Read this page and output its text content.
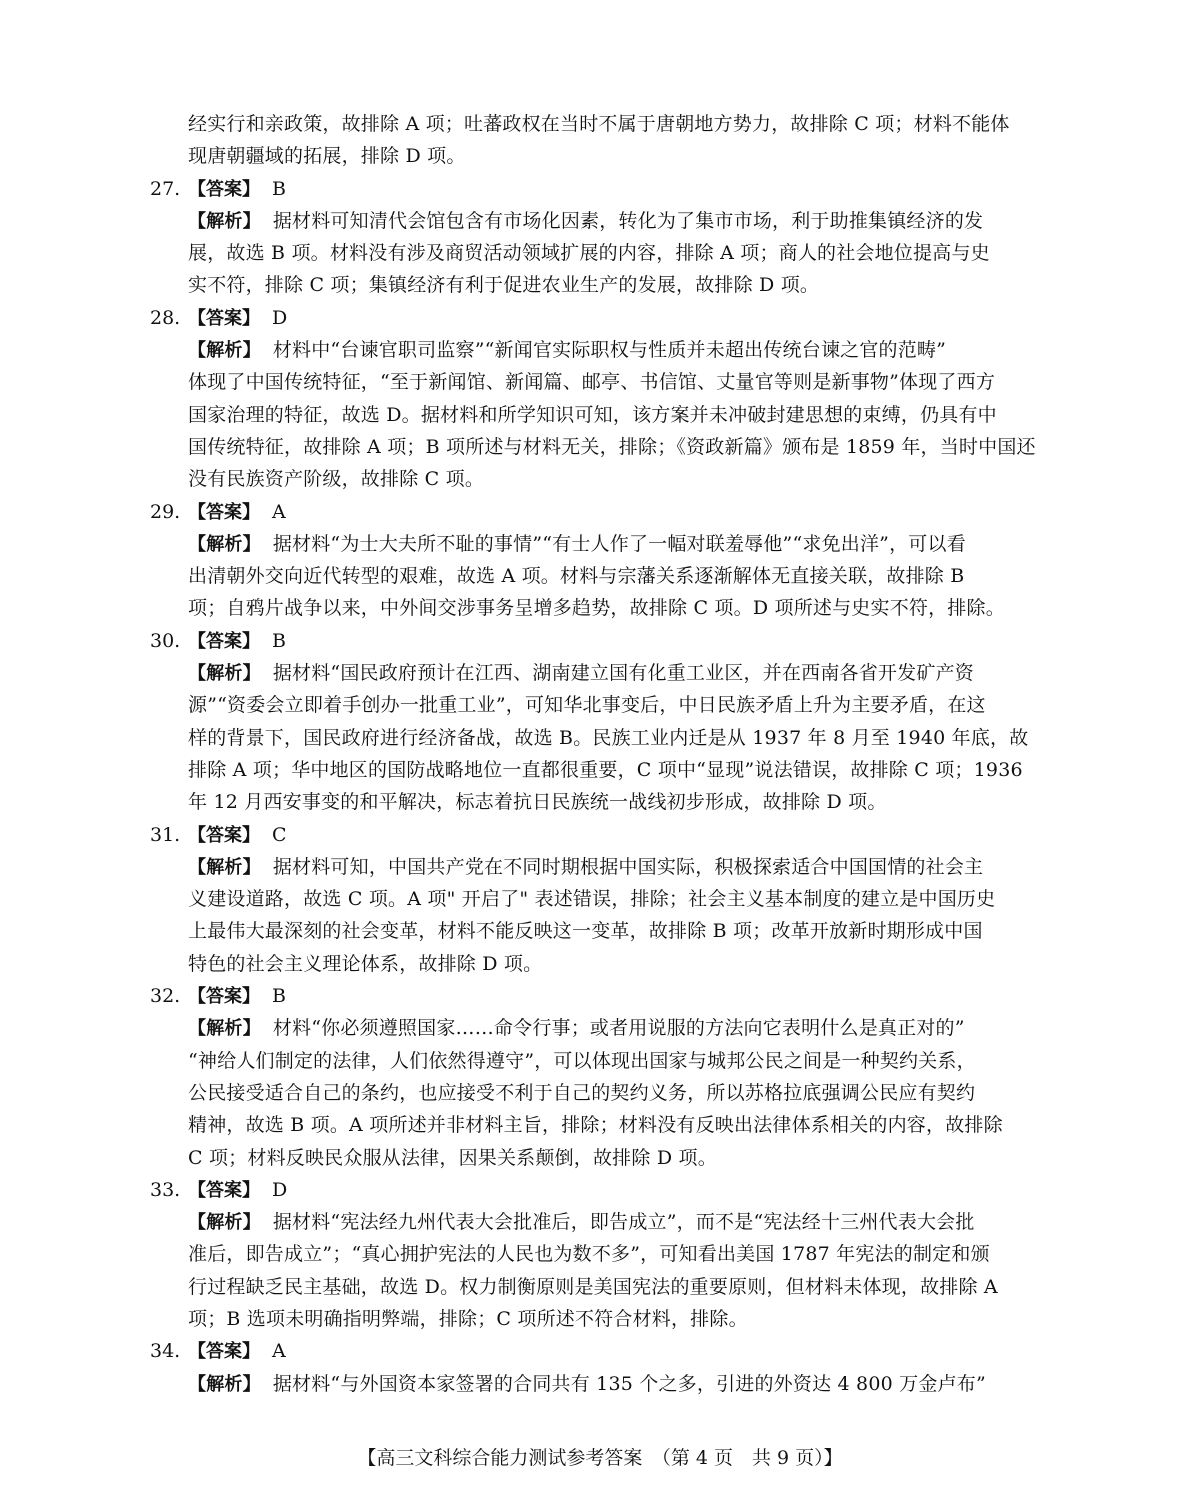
经实行和亲政策，故排除 A 项；吐蕃政权在当时不属于唐朝地方势力，故排除 C 项；材料不能体
现唐朝疆域的拓展，排除 D 项。
27. 【答案】 B
【解析】 据材料可知清代会馆包含有市场化因素，转化为了集市市场，利于助推集镇经济的发
展，故选 B 项。材料没有涉及商贸活动领域扩展的内容，排除 A 项；商人的社会地位提高与史
实不符，排除 C 项；集镇经济有利于促进农业生产的发展，故排除 D 项。
28. 【答案】 D
【解析】 材料中“台谏官职司监察”“新闻官实际职权与性质并未超出传统台谏之官的范畴”
体现了中国传统特征，“至于新闻馆、新闻篇、邮亭、书信馆、丈量官等则是新事物”体现了西方
国家治理的特征，故选 D。据材料和所学知识可知，该方案并未冲破封建思想的束缚，仍具有中
国传统特征，故排除 A 项；B 项所述与材料无关，排除；《资政新篇》颁布是 1859 年，当时中国还
没有民族资产阶级，故排除 C 项。
29. 【答案】 A
【解析】 据材料“为士大夫所不耻的事情”“有士人作了一幅对联羞辱他”“求免出洋”，可以看
出清朝外交向近代转型的艰难，故选 A 项。材料与宗藩关系逐渐解体无直接关联，故排除 B
项；自鸦片战争以来，中外间交涉事务呈增多趋势，故排除 C 项。D 项所述与史实不符，排除。
30. 【答案】 B
【解析】 据材料“国民政府预计在江西、湖南建立国有化重工业区，并在西南各省开发矿产资
源”“资委会立即着手创办一批重工业”，可知华北事变后，中日民族矛盾上升为主要矛盾，在这
样的背景下，国民政府进行经济备战，故选 B。民族工业内迁是从 1937 年 8 月至 1940 年底，故
排除 A 项；华中地区的国防战略地位一直都很重要，C 项中“显现”说法错误，故排除 C 项；1936
年 12 月西安事变的和平解决，标志着抗日民族统一战线初步形成，故排除 D 项。
31. 【答案】 C
【解析】 据材料可知，中国共产党在不同时期根据中国实际，积极探索适合中国国情的社会主
义建设道路，故选 C 项。A 项" 开启了" 表述错误，排除；社会主义基本制度的建立是中国历史
上最伟大最深刻的社会变革，材料不能反映这一变革，故排除 B 项；改革开放新时期形成中国
特色的社会主义理论体系，故排除 D 项。
32. 【答案】 B
【解析】 材料“你必须遵照国家……命令行事；或者用说服的方法向它表明什么是真正对的”
“神给人们制定的法律，人们依然得遵守”，可以体现出国家与城邦公民之间是一种契约关系，
公民接受适合自己的条约，也应接受不利于自己的契约义务，所以苏格拉底强调公民应有契约
精神，故选 B 项。A 项所述并非材料主旨，排除；材料没有反映出法律体系相关的内容，故排除
C 项；材料反映民众服从法律，因果关系颠倒，故排除 D 项。
33. 【答案】 D
【解析】 据材料“宪法经九州代表大会批准后，即告成立”，而不是“宪法经十三州代表大会批
准后，即告成立”；“真心拥护宪法的人民也为数不多”，可知看出美国 1787 年宪法的制定和颁
行过程缺乏民主基础，故选 D。权力制衡原则是美国宪法的重要原则，但材料未体现，故排除 A
项；B 选项未明确指明弊端，排除；C 项所述不符合材料，排除。
34. 【答案】 A
【解析】 据材料“与外国资本家签署的合同共有 135 个之多，引进的外资达 4 800 万金卢布”
【高三文科综合能力测试参考答案　（第 4 页　共 9 页）】
